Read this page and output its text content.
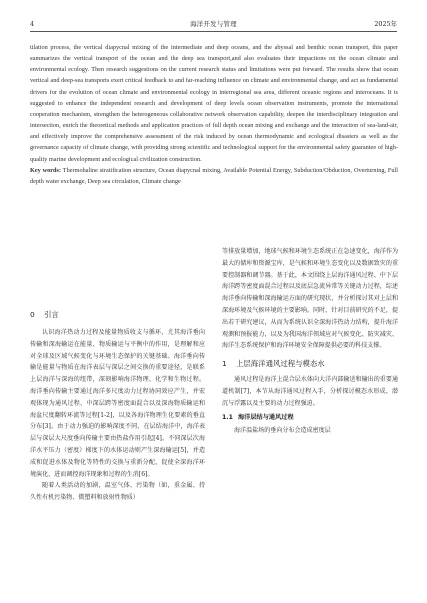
4	海洋开发与管理	2025年

tilation process, the vertical diapycnal mixing of the intermediate and deep oceans, and the abyssal and benthic ocean transport, this paper summarizes the vertical transport of the ocean and the deep sea transport,and also evaluates their impactions on the ocean climate and environmental ecology. Then research suggestions on the current research status and limitations were put forward. The results show that ocean vertical and deep-sea transports exert critical feedback to and far-reaching influence on climate and environmental change, and act as fundamental drivers for the evolution of ocean climate and environmental ecology in interregional sea area, different oceanic regions and interoceans. It is suggested to enhance the independent research and development of deep levels ocean observation instruments, promote the international cooperation mechanism, strengthen the heterogeneous collaborative network observation capability, deepen the interdisciplinary integration and intersection, enrich the theoretical methods and application practices of full depth ocean mixing and exchange and the interaction of sea-land-air, and effectively improve the comprehensive assessment of the risk induced by ocean thermodynamic and ecological disasters as well as the governance capacity of climate change, with providing strong scientific and technological support for the environmental safety guarantee of high-quality marine development and ecological civilization construction.

Key words: Thermohaline stratification structure, Ocean diapycnal mixing, Available Potential Energy, Subduction/Obduction, Overturning, Full depth water exchange, Deep sea circulation, Climate change

0 引言

认识海洋热动力过程及能量物质收支与循环，尤其海洋垂向传输和深海输运在能量、物质输运与平衡中的作用，是理解和应对全球及区域气候变化与环境生态保护的关键基础。海洋垂向传输是能量与物质在海洋表层与深层之间交换的重要途径，是联系上层海洋与深海的纽带，深刻影响海洋物理、化学和生物过程。海洋垂向传输主要通过海洋多尺度动力过程协同效应产生，并宏观体现为通风过程、中深层跨等密度面混合以及深海物质输运和海盆尺度翻转环流等过程[1-2]，以及各海洋物理生化要素的垂直分布[3]。由于动力强迫的影响深度不同，在层结海洋中，海洋表层与深层大尺度垂向传输主要由热盐作用引起[4]。不同深层次海洋水平压力（密度）梯度下的水体运动则产生深海输运[5]，并造成和促进水体及物化等特性的交换与重新分配，促使全深海洋环境演化，进而调控海洋现象和过程的生消[6]。

随着人类活动的加剧，温室气体、污染物（如，重金属、持久性有机污染物、微塑料和放射性物质）

等排放量增加，地球气候和环境生态系统正在急速变化，海洋作为最大的储库和资源宝库，是气候和环境生态变化以及数据致灾的重要控制器和调节器。基于此，本文围绕上层海洋通风过程、中下层海洋跨等密度面混合过程以及底层急流异常等关键动力过程，综述海洋垂向传输和深海输运方面的研究现状，并分析探讨其对上层和深海环境及气候环境的主要影响。同时，针对目前研究的不足，提出若干研究建议，从而为系统认识全深海洋热动力结构，提升海洋观测和预报能力，以及为我国海洋领域应对气候变化、防灾减灾、海洋生态系统保护和海洋环境安全保障提供必要的科技支撑。

1 上层海洋通风过程与模态水

通风过程是海洋上混合层水体向大洋内部输送和输出的重要通道机制[7]，本节从海洋通风过程入手，分析探讨模态水形成、潜沉与浮露以及主要的动力过程强迫。

1.1 海洋层结与通风过程

海洋温盐场的垂向分布会造成密度层
